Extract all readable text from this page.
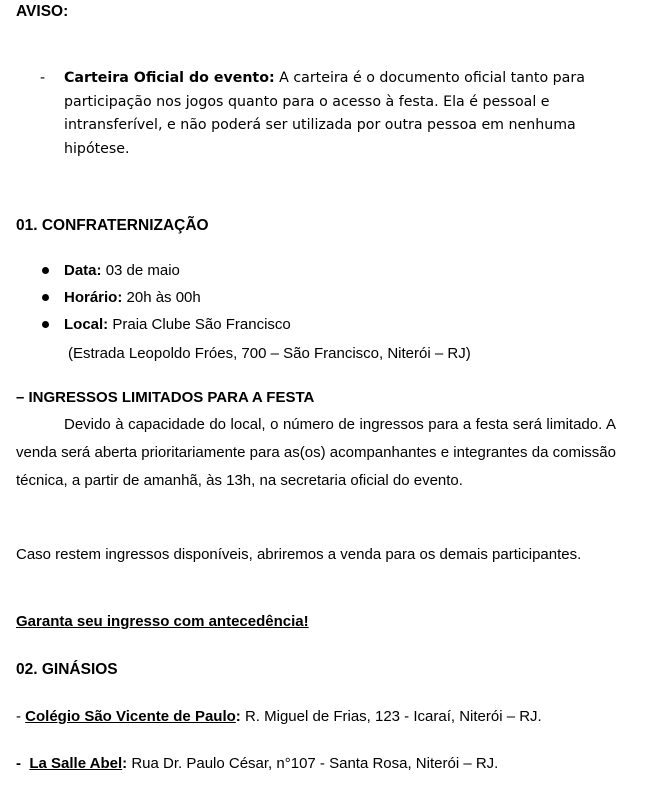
AVISO:
- Carteira Oficial do evento: A carteira é o documento oficial tanto para participação nos jogos quanto para o acesso à festa. Ela é pessoal e intransferível, e não poderá ser utilizada por outra pessoa em nenhuma hipótese.
01. CONFRATERNIZAÇÃO
Data: 03 de maio
Horário: 20h às 00h
Local: Praia Clube São Francisco
(Estrada Leopoldo Fróes, 700 – São Francisco, Niterói – RJ)
– INGRESSOS LIMITADOS PARA A FESTA
Devido à capacidade do local, o número de ingressos para a festa será limitado. A venda será aberta prioritariamente para as(os) acompanhantes e integrantes da comissão técnica, a partir de amanhã, às 13h, na secretaria oficial do evento.
Caso restem ingressos disponíveis, abriremos a venda para os demais participantes.
Garanta seu ingresso com antecedência!
02. GINÁSIOS
- Colégio São Vicente de Paulo: R. Miguel de Frias, 123 - Icaraí, Niterói – RJ.
-  La Salle Abel: Rua Dr. Paulo César, n°107 - Santa Rosa, Niterói – RJ.
